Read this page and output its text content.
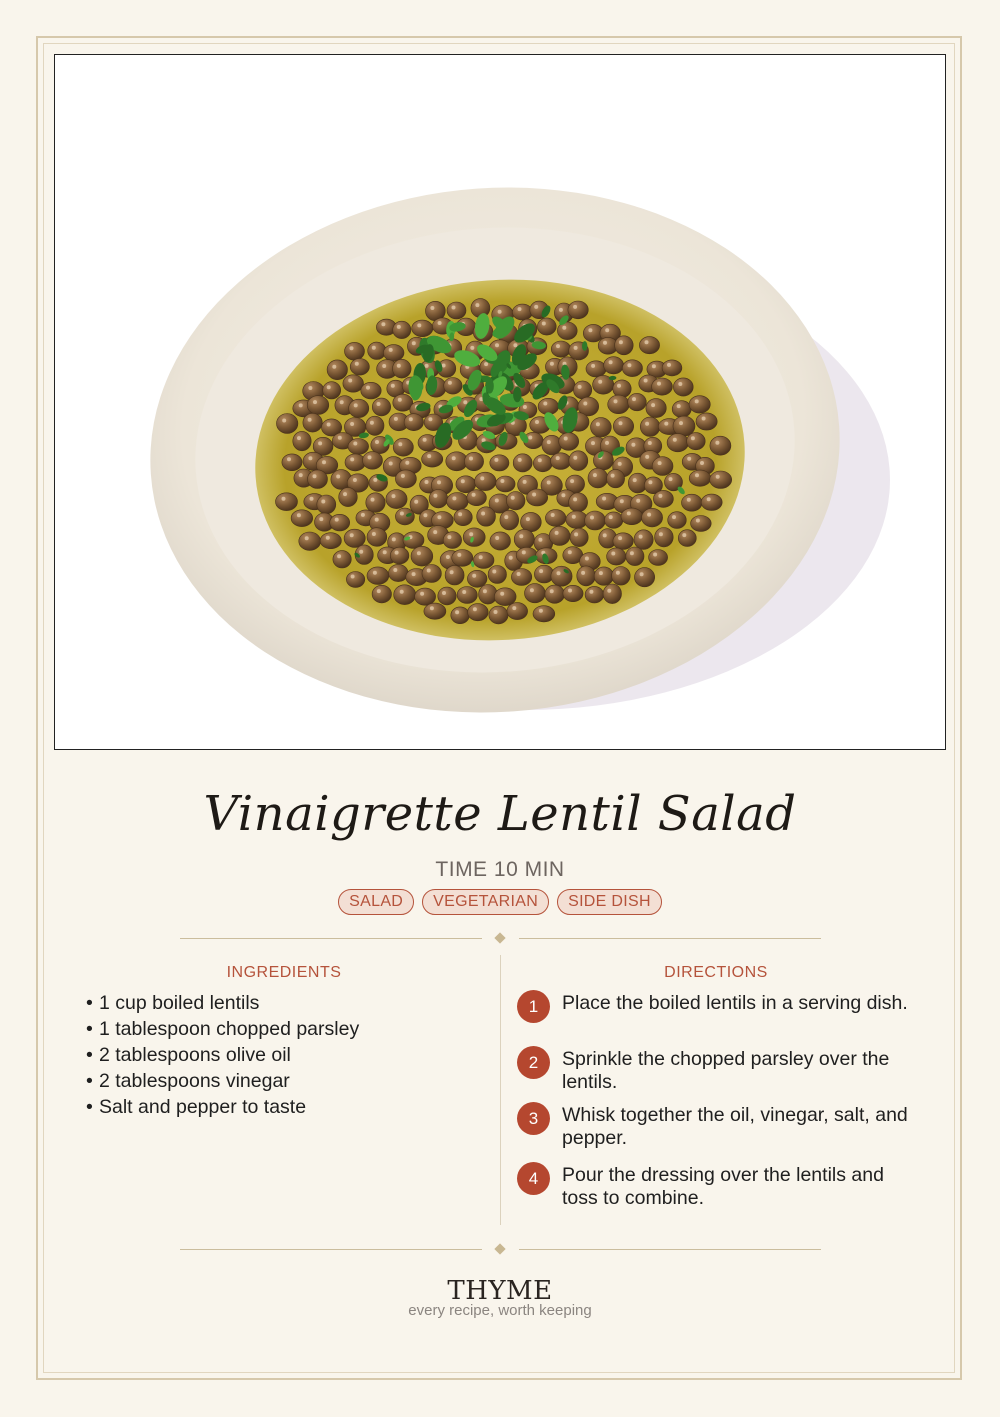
Vinaigrette Lentil Salad
TIME 10 MIN
SALAD	VEGETARIAN	SIDE DISH
INGREDIENTS
• 1 cup boiled lentils
• 1 tablespoon chopped parsley
• 2 tablespoons olive oil
• 2 tablespoons vinegar
• Salt and pepper to taste
DIRECTIONS
1	Place the boiled lentils in a serving dish.
2	Sprinkle the chopped parsley over the lentils.
3	Whisk together the oil, vinegar, salt, and pepper.
4	Pour the dressing over the lentils and toss to combine.
THYME
every recipe, worth keeping
